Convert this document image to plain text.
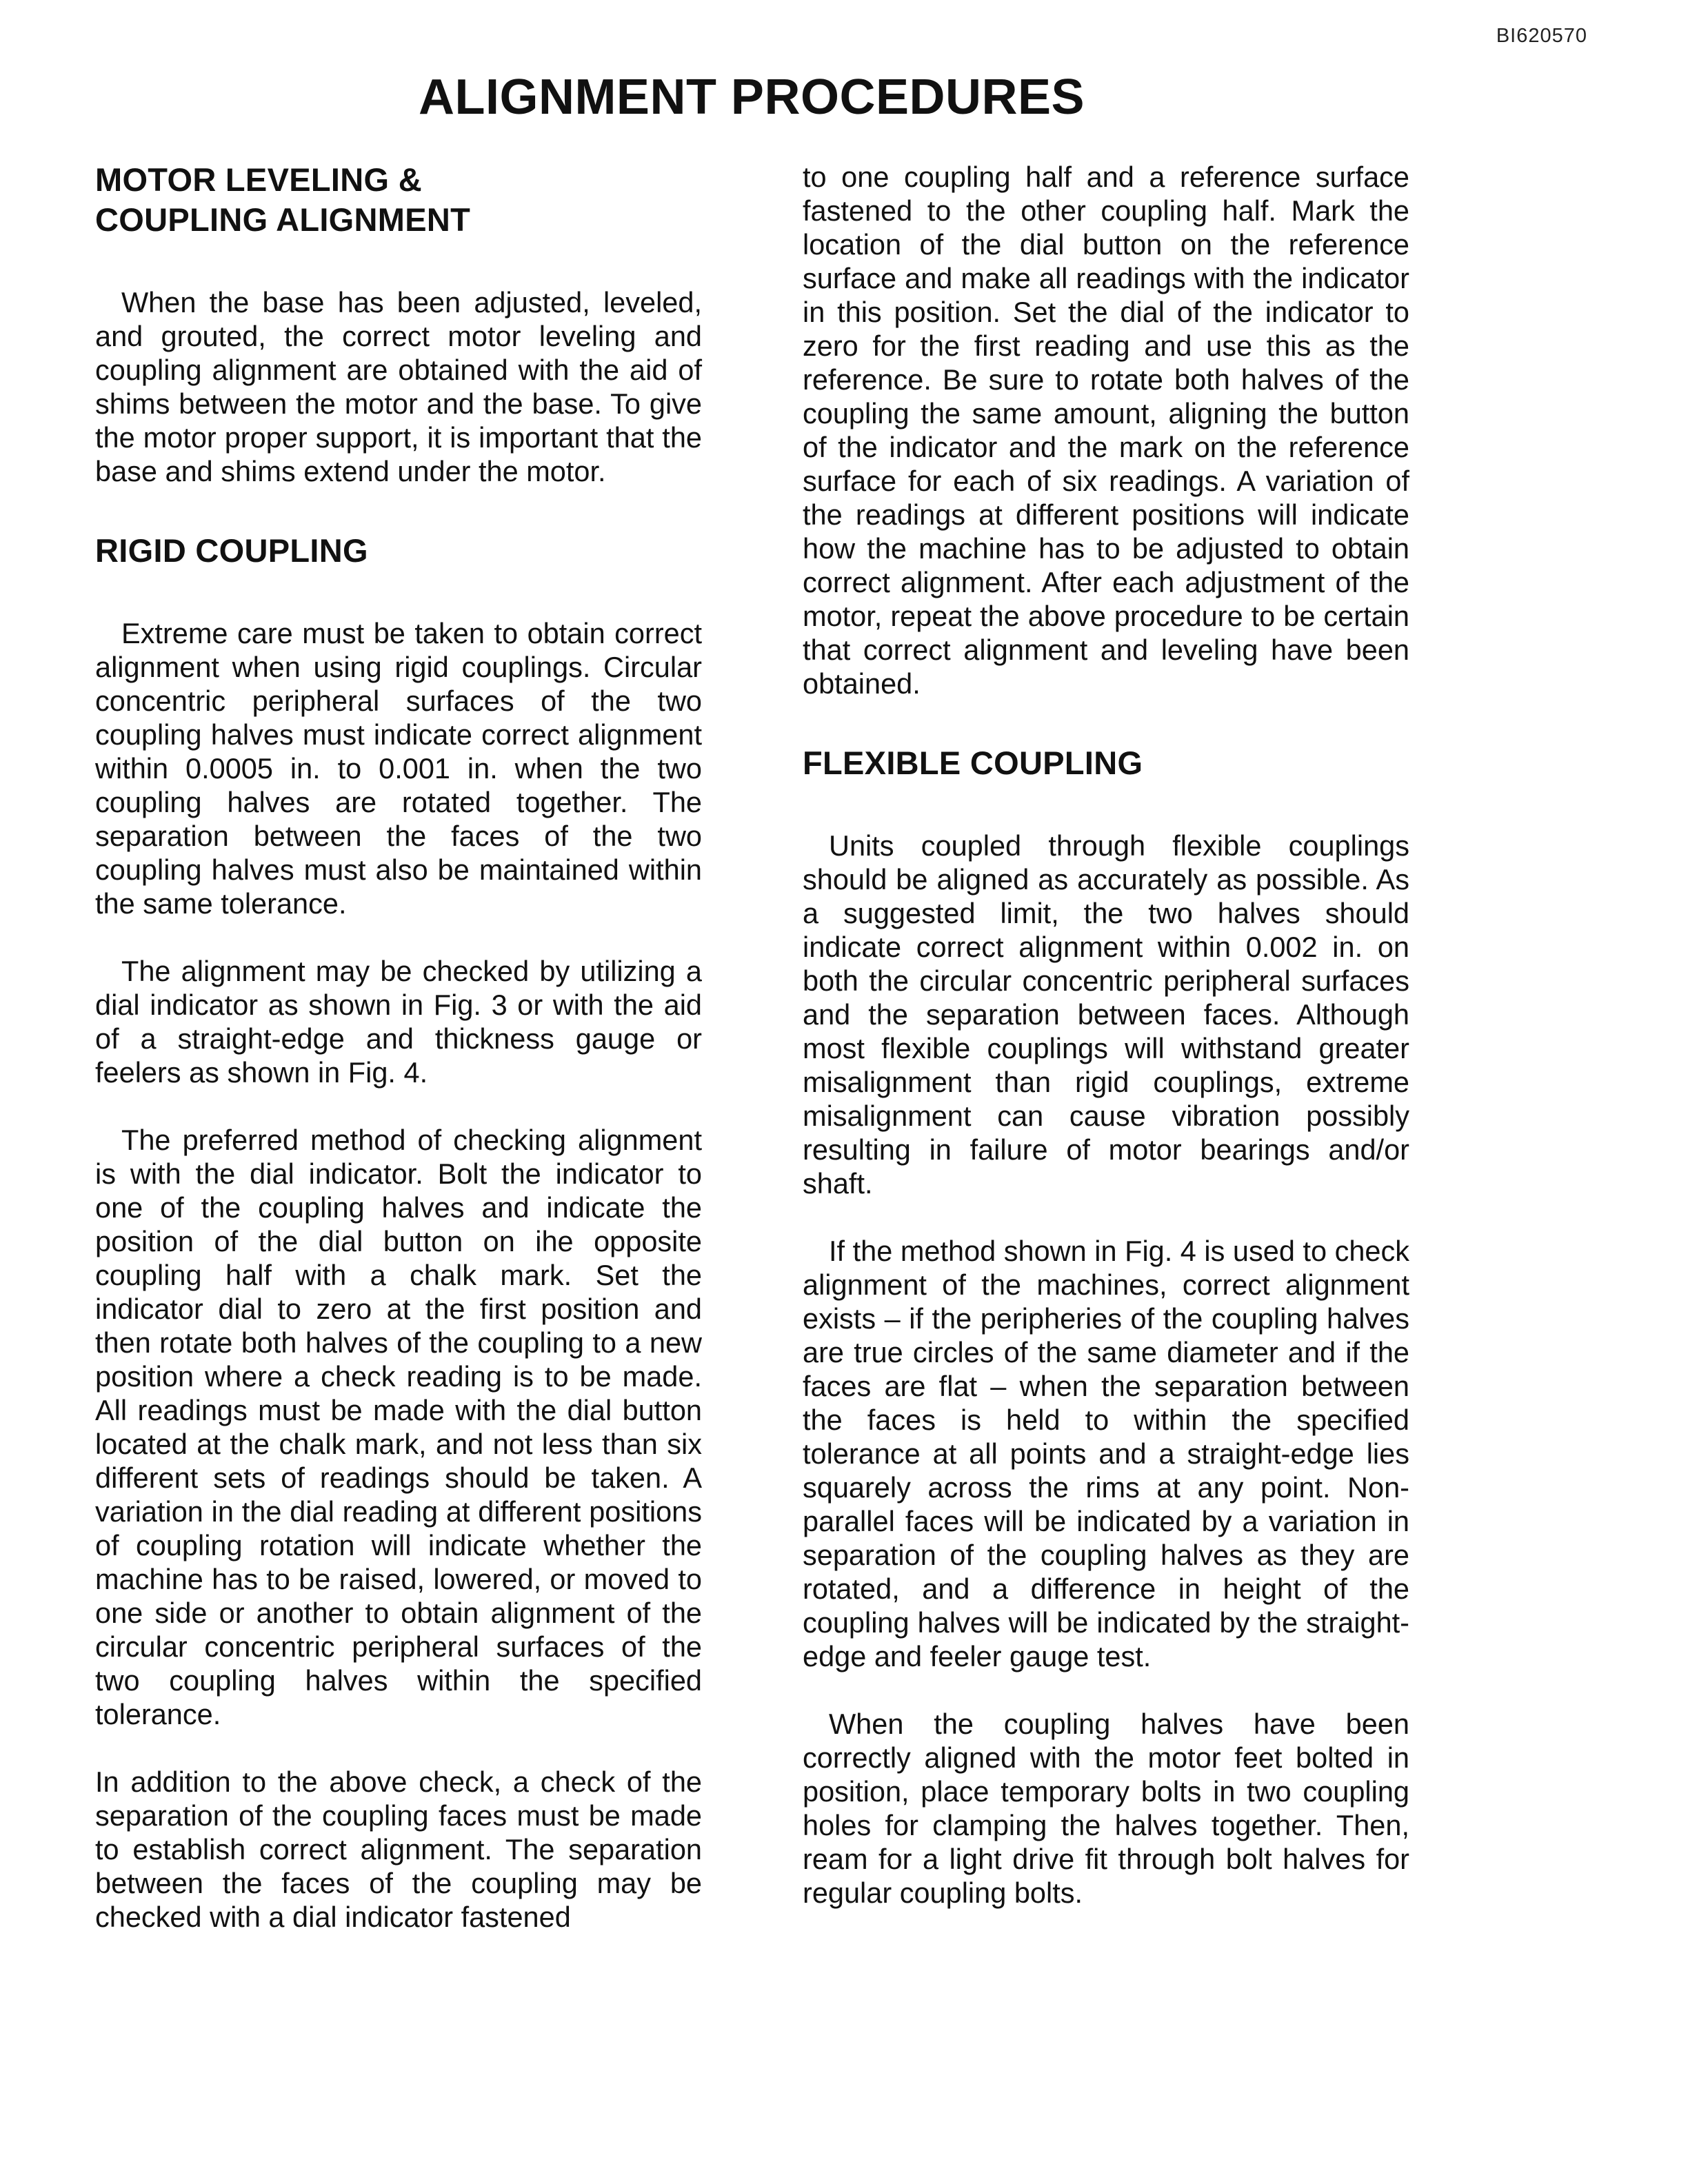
BI620570
ALIGNMENT PROCEDURES
MOTOR LEVELING &
COUPLING ALIGNMENT

When the base has been adjusted, leveled, and grouted, the correct motor leveling and coupling alignment are obtained with the aid of shims between the motor and the base. To give the motor proper support, it is important that the base and shims extend under the motor.

RIGID COUPLING

Extreme care must be taken to obtain correct alignment when using rigid couplings. Circular concentric peripheral surfaces of the two coupling halves must indicate correct alignment within 0.0005 in. to 0.001 in. when the two coupling halves are rotated together. The separation between the faces of the two coupling halves must also be maintained within the same tolerance.

The alignment may be checked by utilizing a dial indicator as shown in Fig. 3 or with the aid of a straight-edge and thickness gauge or feelers as shown in Fig. 4.

The preferred method of checking alignment is with the dial indicator. Bolt the indicator to one of the coupling halves and indicate the position of the dial button on ihe opposite coupling half with a chalk mark. Set the indicator dial to zero at the first position and then rotate both halves of the coupling to a new position where a check reading is to be made. All readings must be made with the dial button located at the chalk mark, and not less than six different sets of readings should be taken. A variation in the dial reading at different positions of coupling rotation will indicate whether the machine has to be raised, lowered, or moved to one side or another to obtain alignment of the circular concentric peripheral surfaces of the two coupling halves within the specified tolerance.

In addition to the above check, a check of the separation of the coupling faces must be made to establish correct alignment. The separation between the faces of the coupling may be checked with a dial indicator fastened

to one coupling half and a reference surface fastened to the other coupling half. Mark the location of the dial button on the reference surface and make all readings with the indicator in this position. Set the dial of the indicator to zero for the first reading and use this as the reference. Be sure to rotate both halves of the coupling the same amount, aligning the button of the indicator and the mark on the reference surface for each of six readings. A variation of the readings at different positions will indicate how the machine has to be adjusted to obtain correct alignment. After each adjustment of the motor, repeat the above procedure to be certain that correct alignment and leveling have been obtained.

FLEXIBLE COUPLING

Units coupled through flexible couplings should be aligned as accurately as possible. As a suggested limit, the two halves should indicate correct alignment within 0.002 in. on both the circular concentric peripheral surfaces and the separation between faces. Although most flexible couplings will withstand greater misalignment than rigid couplings, extreme misalignment can cause vibration possibly resulting in failure of motor bearings and/or shaft.

If the method shown in Fig. 4 is used to check alignment of the machines, correct alignment exists – if the peripheries of the coupling halves are true circles of the same diameter and if the faces are flat – when the separation between the faces is held to within the specified tolerance at all points and a straight-edge lies squarely across the rims at any point. Non-parallel faces will be indicated by a variation in separation of the coupling halves as they are rotated, and a difference in height of the coupling halves will be indicated by the straight-edge and feeler gauge test.

When the coupling halves have been correctly aligned with the motor feet bolted in position, place temporary bolts in two coupling holes for clamping the halves together. Then, ream for a light drive fit through bolt halves for regular coupling bolts.
